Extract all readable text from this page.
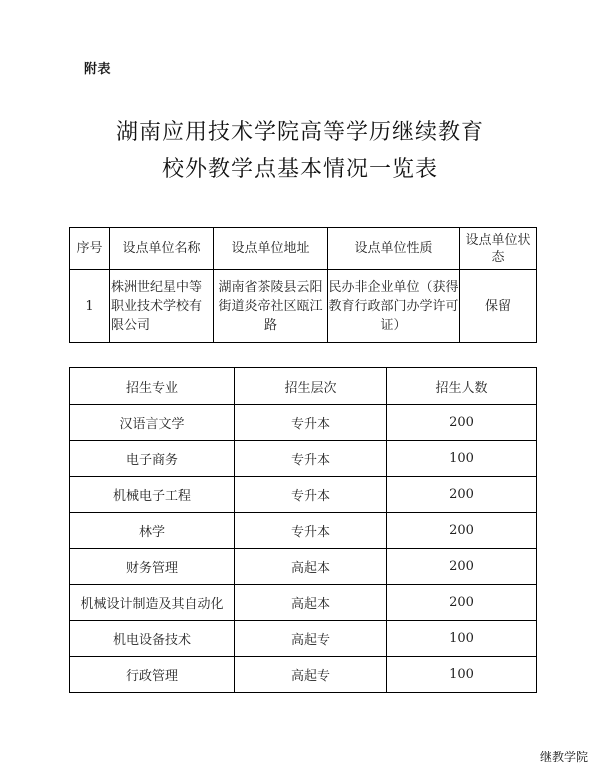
附表
湖南应用技术学院高等学历继续教育
校外教学点基本情况一览表
序号	设点单位名称	设点单位地址	设点单位性质	设点单位状态
1	株洲世纪星中等职业技术学校有限公司	湖南省茶陵县云阳街道炎帝社区瓯江路	民办非企业单位（获得教育行政部门办学许可证）	保留
招生专业	招生层次	招生人数
汉语言文学	专升本	200
电子商务	专升本	100
机械电子工程	专升本	200
林学	专升本	200
财务管理	高起本	200
机械设计制造及其自动化	高起本	200
机电设备技术	高起专	100
行政管理	高起专	100
继教学院
